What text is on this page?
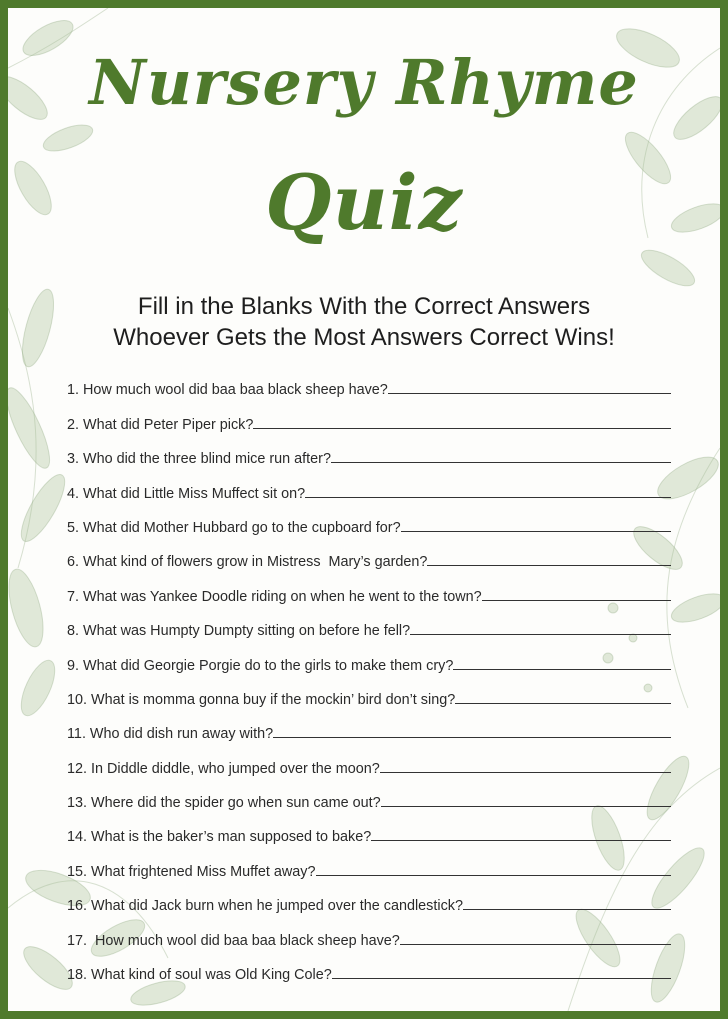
Nursery Rhyme
Quiz
Fill in the Blanks With the Correct Answers
Whoever Gets the Most Answers Correct Wins!
1. How much wool did baa baa black sheep have?
2. What did Peter Piper pick?
3. Who did the three blind mice run after?
4. What did Little Miss Muffect sit on?
5. What did Mother Hubbard go to the cupboard for?
6. What kind of flowers grow in Mistress  Mary’s garden?
7. What was Yankee Doodle riding on when he went to the town?
8. What was Humpty Dumpty sitting on before he fell?
9. What did Georgie Porgie do to the girls to make them cry?
10. What is momma gonna buy if the mockin’ bird don’t sing?
11. Who did dish run away with?
12. In Diddle diddle, who jumped over the moon?
13. Where did the spider go when sun came out?
14. What is the baker’s man supposed to bake?
15. What frightened Miss Muffet away?
16. What did Jack burn when he jumped over the candlestick?
17.  How much wool did baa baa black sheep have?
18. What kind of soul was Old King Cole?
